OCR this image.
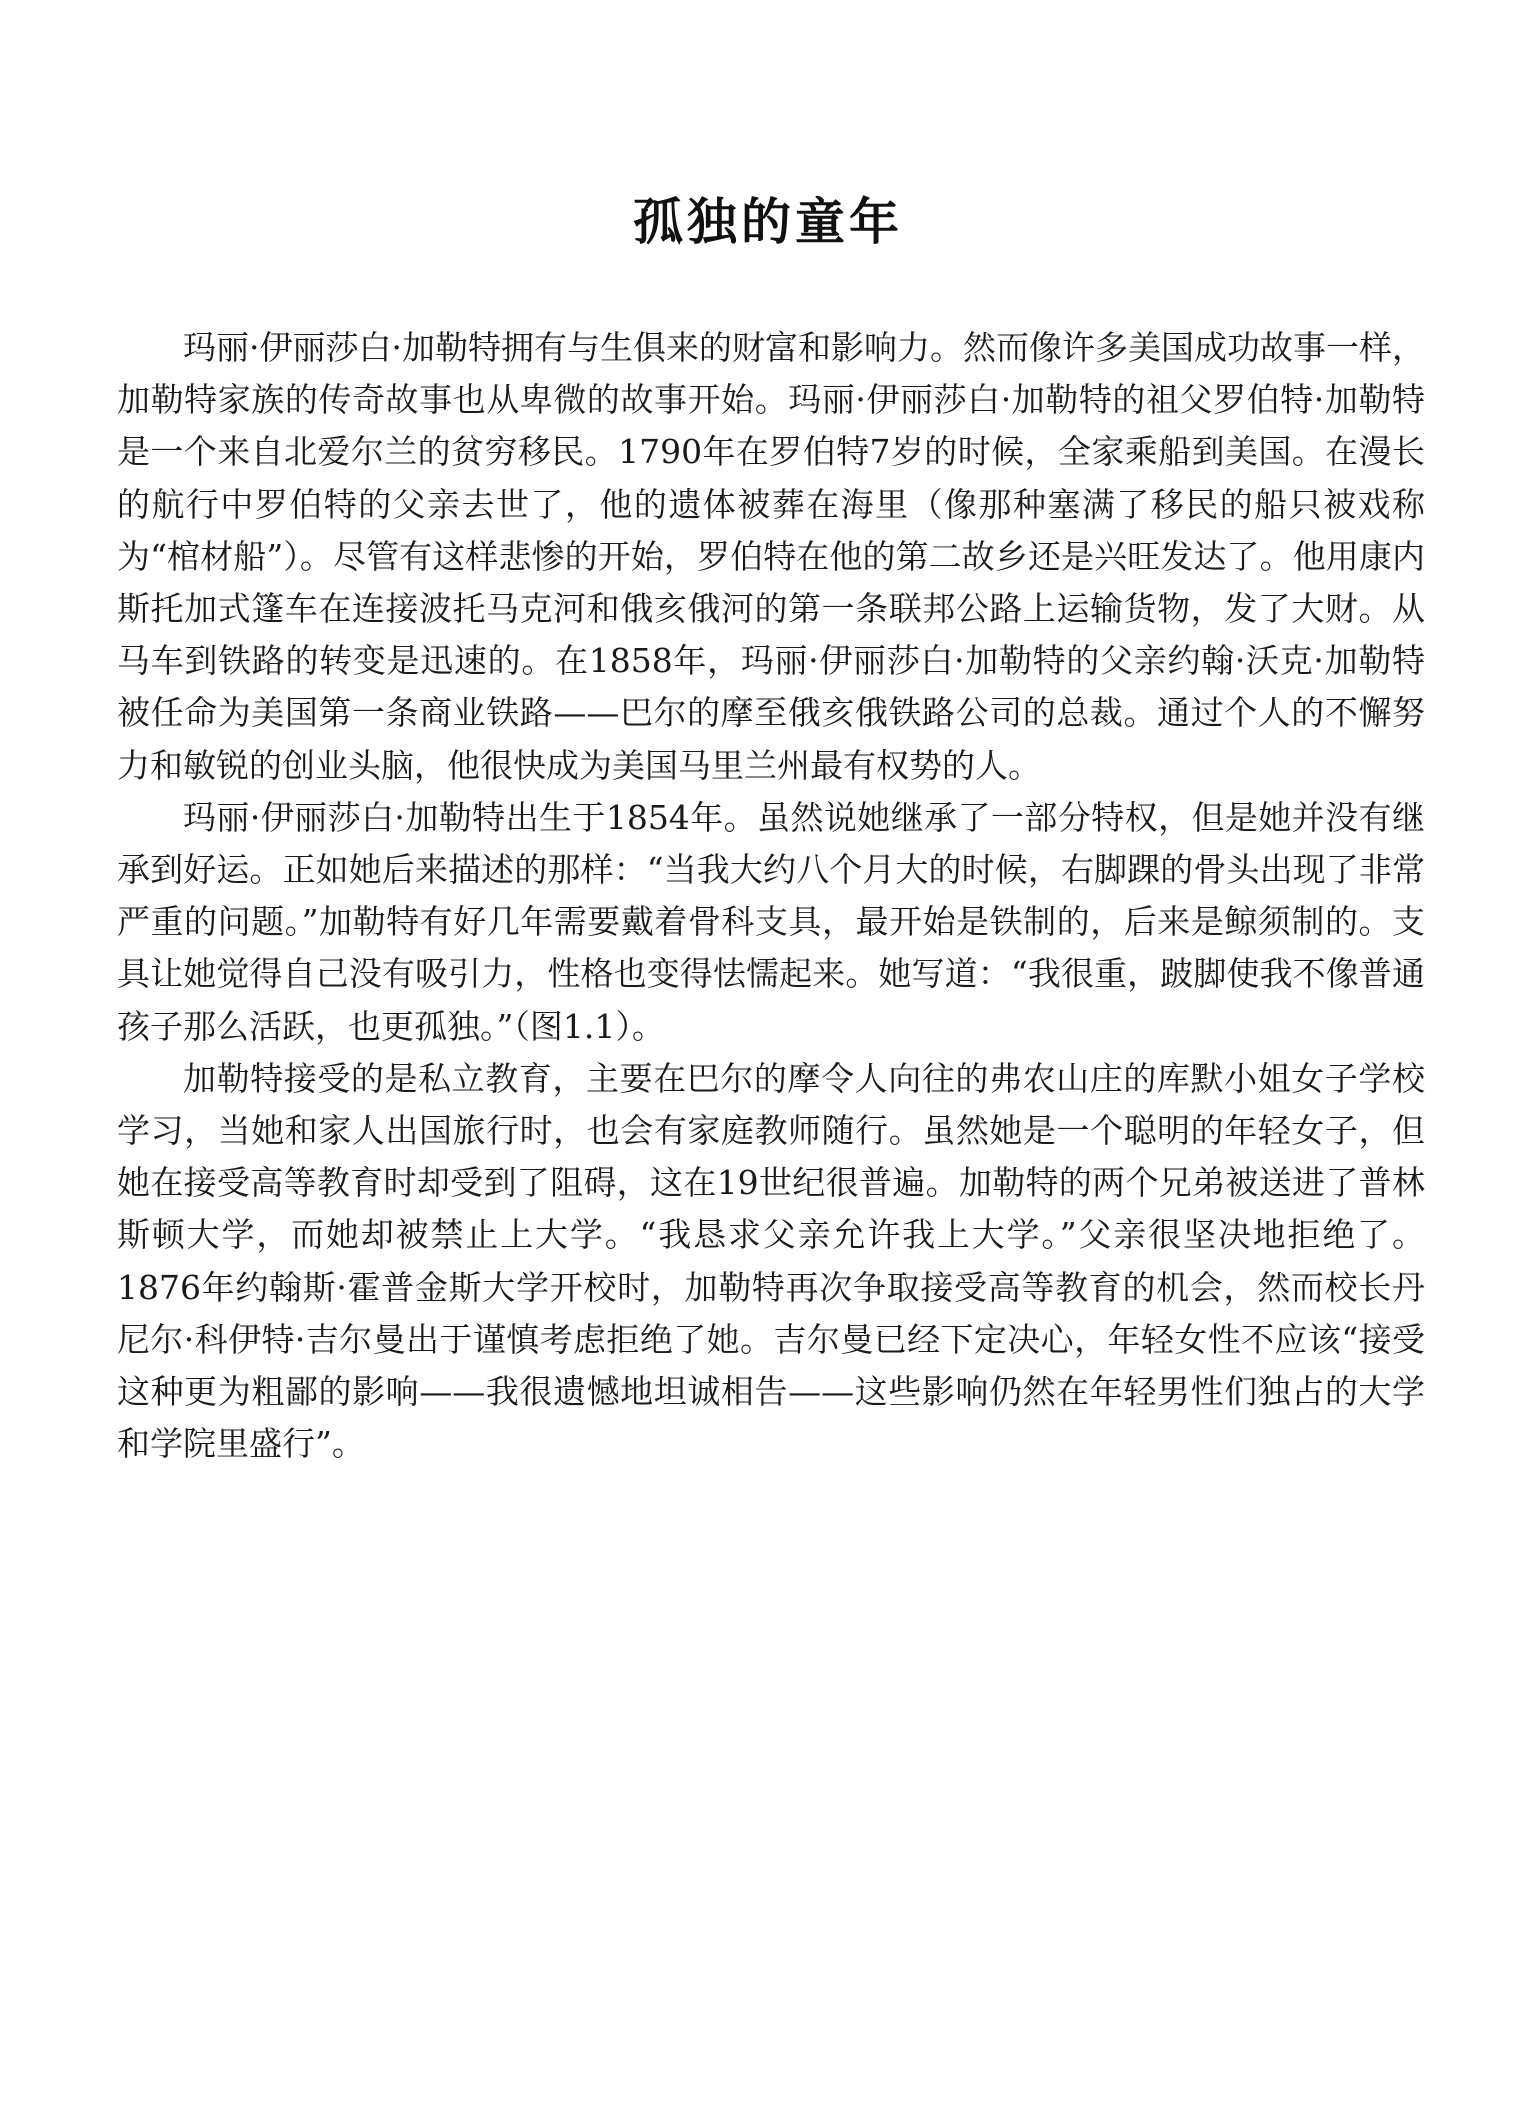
孤独的童年

玛丽·伊丽莎白·加勒特拥有与生俱来的财富和影响力。然而像许多美国成功故事一样，加勒特家族的传奇故事也从卑微的故事开始。玛丽·伊丽莎白·加勒特的祖父罗伯特·加勒特是一个来自北爱尔兰的贫穷移民。1790年在罗伯特7岁的时候，全家乘船到美国。在漫长的航行中罗伯特的父亲去世了，他的遗体被葬在海里（像那种塞满了移民的船只被戏称为“棺材船”）。尽管有这样悲惨的开始，罗伯特在他的第二故乡还是兴旺发达了。他用康内斯托加式篷车在连接波托马克河和俄亥俄河的第一条联邦公路上运输货物，发了大财。从马车到铁路的转变是迅速的。在1858年，玛丽·伊丽莎白·加勒特的父亲约翰·沃克·加勒特被任命为美国第一条商业铁路——巴尔的摩至俄亥俄铁路公司的总裁。通过个人的不懈努力和敏锐的创业头脑，他很快成为美国马里兰州最有权势的人。

玛丽·伊丽莎白·加勒特出生于1854年。虽然说她继承了一部分特权，但是她并没有继承到好运。正如她后来描述的那样：“当我大约八个月大的时候，右脚踝的骨头出现了非常严重的问题。”加勒特有好几年需要戴着骨科支具，最开始是铁制的，后来是鲸须制的。支具让她觉得自己没有吸引力，性格也变得怯懦起来。她写道：“我很重，跛脚使我不像普通孩子那么活跃，也更孤独。”（图1.1）。

加勒特接受的是私立教育，主要在巴尔的摩令人向往的弗农山庄的库默小姐女子学校学习，当她和家人出国旅行时，也会有家庭教师随行。虽然她是一个聪明的年轻女子，但她在接受高等教育时却受到了阻碍，这在19世纪很普遍。加勒特的两个兄弟被送进了普林斯顿大学，而她却被禁止上大学。“我恳求父亲允许我上大学。”父亲很坚决地拒绝了。1876年约翰斯·霍普金斯大学开校时，加勒特再次争取接受高等教育的机会，然而校长丹尼尔·科伊特·吉尔曼出于谨慎考虑拒绝了她。吉尔曼已经下定决心，年轻女性不应该“接受这种更为粗鄙的影响——我很遗憾地坦诚相告——这些影响仍然在年轻男性们独占的大学和学院里盛行”。
